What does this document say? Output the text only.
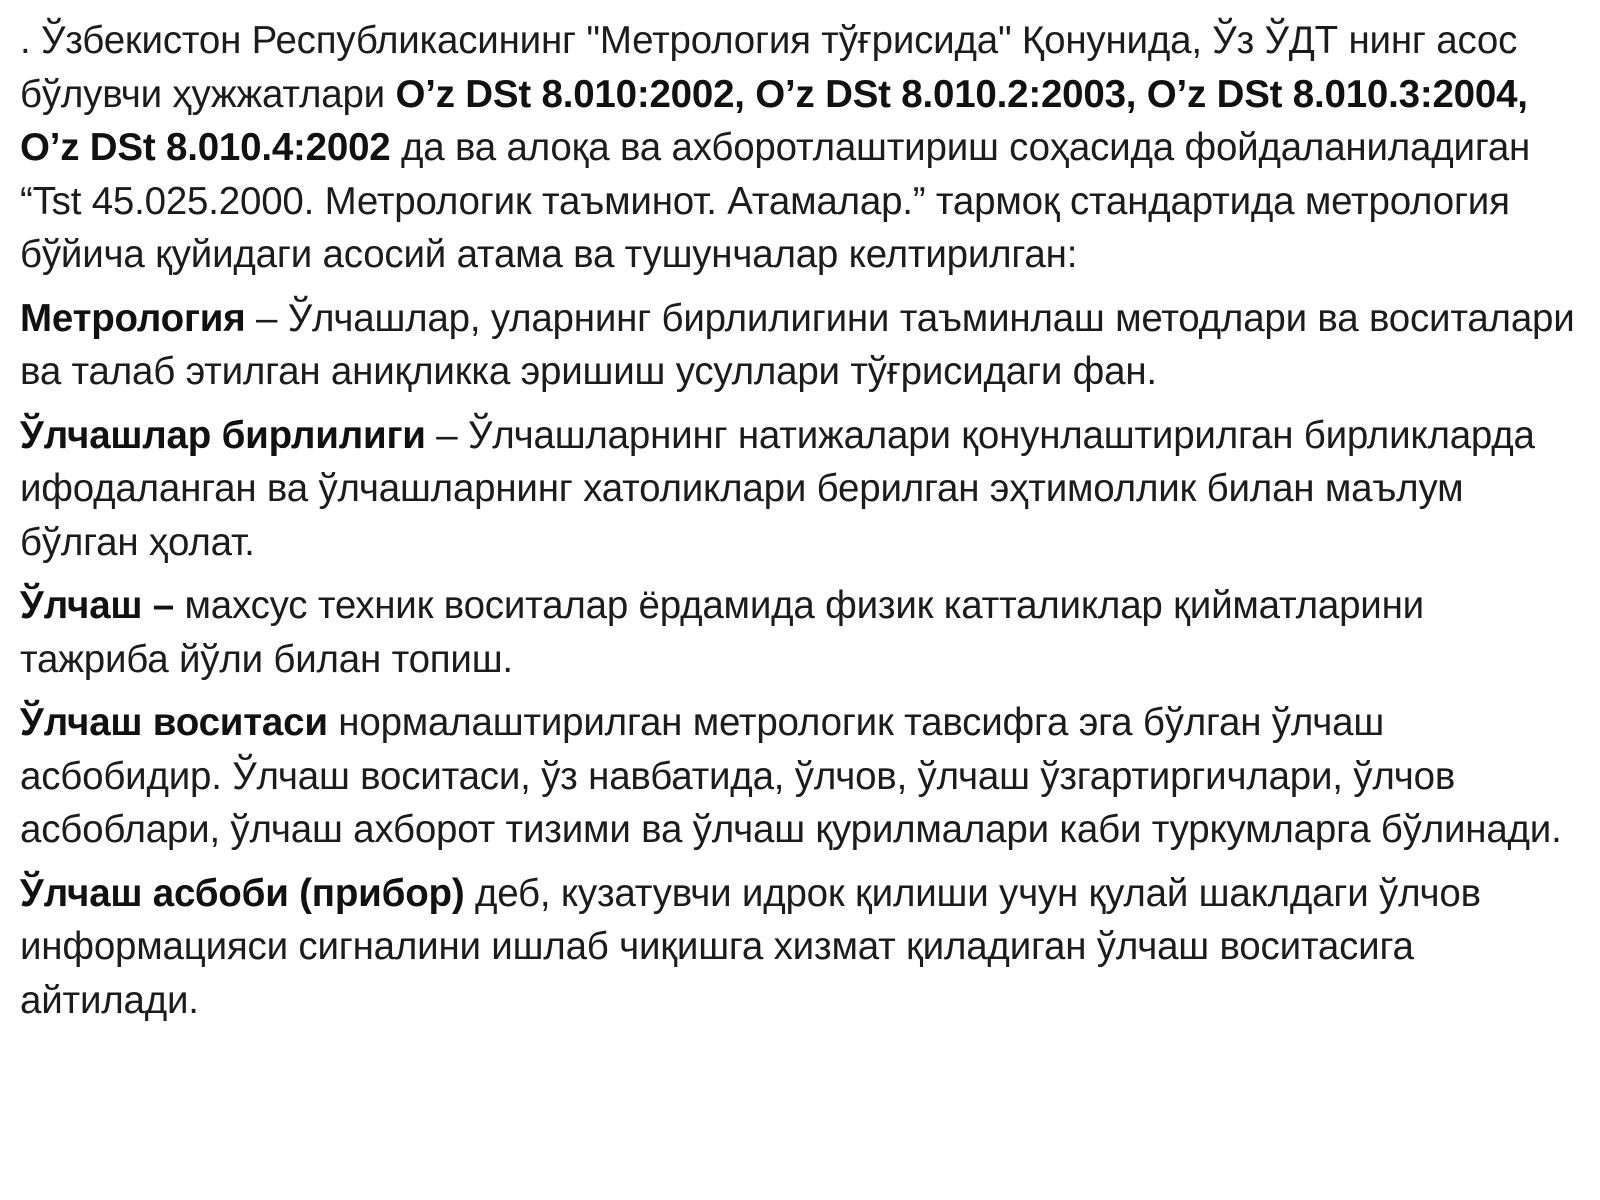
. Ўзбекистон Республикасининг "Метрология тўғрисида" Қонунида, Ўз ЎДТ нинг асос бўлувчи ҳужжатлари O’z DSt 8.010:2002, O’z DSt 8.010.2:2003, O’z DSt 8.010.3:2004, O’z DSt 8.010.4:2002 да ва алоқа ва ахборотлаштириш соҳасида фойдаланиладиган “Tst 45.025.2000. Метрологик таъминот. Атамалар.” тармоқ стандартида метрология бўйича қуйидаги асосий атама ва тушунчалар келтирилган:

Метрология – Ўлчашлар, уларнинг бирлилигини таъминлаш методлари ва воситалари ва талаб этилган аниқликка эришиш усуллари тўғрисидаги фан.

Ўлчашлар бирлилиги – Ўлчашларнинг натижалари қонунлаштирилган бирликларда ифодаланган ва ўлчашларнинг хатоликлари берилган эҳтимоллик билан маълум бўлган ҳолат.

Ўлчаш – махсус техник воситалар ёрдамида физик катталиклар қийматларини тажриба йўли билан топиш.

Ўлчаш воситаси нормалаштирилган метрологик тавсифга эга бўлган ўлчаш асбобидир. Ўлчаш воситаси, ўз навбатида, ўлчов, ўлчаш ўзгартиргичлари, ўлчов асбоблари, ўлчаш ахборот тизими ва ўлчаш қурилмалари каби туркумларга бўлинади.

Ўлчаш асбоби (прибор) деб, кузатувчи идрок қилиши учун қулай шаклдаги ўлчов информацияси сигналини ишлаб чиқишга хизмат қиладиган ўлчаш воситасига айтилади.
